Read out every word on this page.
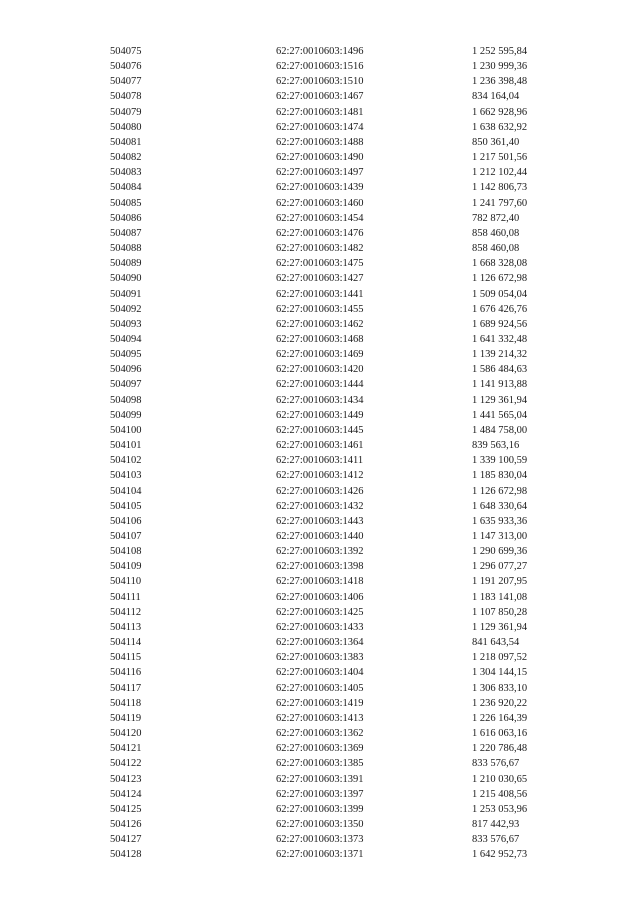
504075	62:27:0010603:1496	1 252 595,84
504076	62:27:0010603:1516	1 230 999,36
504077	62:27:0010603:1510	1 236 398,48
504078	62:27:0010603:1467	834 164,04
504079	62:27:0010603:1481	1 662 928,96
504080	62:27:0010603:1474	1 638 632,92
504081	62:27:0010603:1488	850 361,40
504082	62:27:0010603:1490	1 217 501,56
504083	62:27:0010603:1497	1 212 102,44
504084	62:27:0010603:1439	1 142 806,73
504085	62:27:0010603:1460	1 241 797,60
504086	62:27:0010603:1454	782 872,40
504087	62:27:0010603:1476	858 460,08
504088	62:27:0010603:1482	858 460,08
504089	62:27:0010603:1475	1 668 328,08
504090	62:27:0010603:1427	1 126 672,98
504091	62:27:0010603:1441	1 509 054,04
504092	62:27:0010603:1455	1 676 426,76
504093	62:27:0010603:1462	1 689 924,56
504094	62:27:0010603:1468	1 641 332,48
504095	62:27:0010603:1469	1 139 214,32
504096	62:27:0010603:1420	1 586 484,63
504097	62:27:0010603:1444	1 141 913,88
504098	62:27:0010603:1434	1 129 361,94
504099	62:27:0010603:1449	1 441 565,04
504100	62:27:0010603:1445	1 484 758,00
504101	62:27:0010603:1461	839 563,16
504102	62:27:0010603:1411	1 339 100,59
504103	62:27:0010603:1412	1 185 830,04
504104	62:27:0010603:1426	1 126 672,98
504105	62:27:0010603:1432	1 648 330,64
504106	62:27:0010603:1443	1 635 933,36
504107	62:27:0010603:1440	1 147 313,00
504108	62:27:0010603:1392	1 290 699,36
504109	62:27:0010603:1398	1 296 077,27
504110	62:27:0010603:1418	1 191 207,95
504111	62:27:0010603:1406	1 183 141,08
504112	62:27:0010603:1425	1 107 850,28
504113	62:27:0010603:1433	1 129 361,94
504114	62:27:0010603:1364	841 643,54
504115	62:27:0010603:1383	1 218 097,52
504116	62:27:0010603:1404	1 304 144,15
504117	62:27:0010603:1405	1 306 833,10
504118	62:27:0010603:1419	1 236 920,22
504119	62:27:0010603:1413	1 226 164,39
504120	62:27:0010603:1362	1 616 063,16
504121	62:27:0010603:1369	1 220 786,48
504122	62:27:0010603:1385	833 576,67
504123	62:27:0010603:1391	1 210 030,65
504124	62:27:0010603:1397	1 215 408,56
504125	62:27:0010603:1399	1 253 053,96
504126	62:27:0010603:1350	817 442,93
504127	62:27:0010603:1373	833 576,67
504128	62:27:0010603:1371	1 642 952,73
